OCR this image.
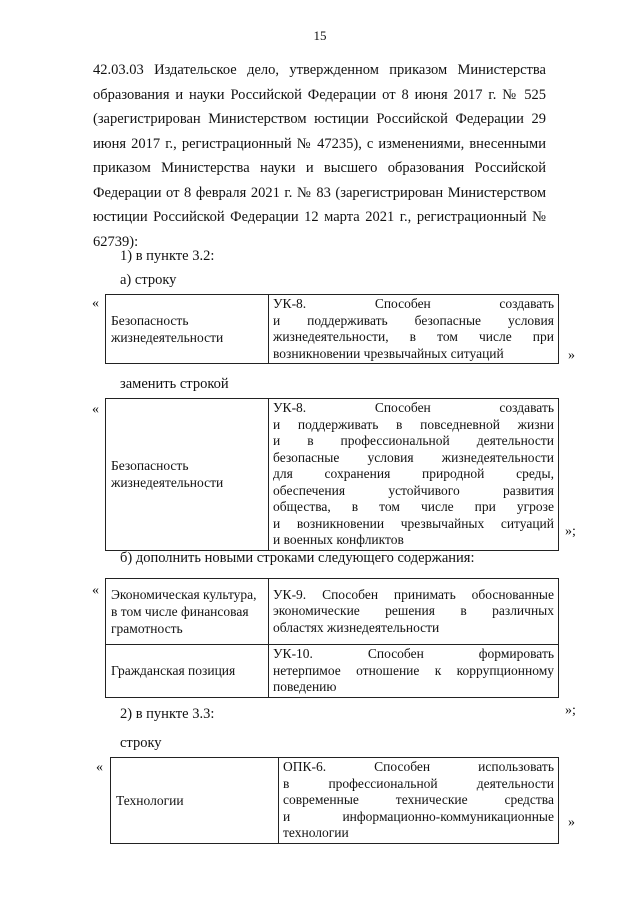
15
42.03.03 Издательское дело, утвержденном приказом Министерства образования и науки Российской Федерации от 8 июня 2017 г. № 525 (зарегистрирован Министерством юстиции Российской Федерации 29 июня 2017 г., регистрационный № 47235), с изменениями, внесенными приказом Министерства науки и высшего образования Российской Федерации от 8 февраля 2021 г. № 83 (зарегистрирован Министерством юстиции Российской Федерации 12 марта 2021 г., регистрационный № 62739):
1) в пункте 3.2:
а) строку
«
Безопасность жизнедеятельности	
УК-8. Способен создавать
и поддерживать безопасные условия
жизнедеятельности, в том числе при
возникновении чрезвычайных ситуаций	»
заменить строкой
«
Безопасность жизнедеятельности	
УК-8. Способен создавать
и поддерживать в повседневной жизни
и в профессиональной деятельности
безопасные условия жизнедеятельности
для сохранения природной среды,
обеспечения устойчивого развития
общества, в том числе при угрозе
и возникновении чрезвычайных ситуаций
и военных конфликтов
»;
б) дополнить новыми строками следующего содержания:
« Экономическая культура, в том числе финансовая грамотность	УК-9. Способен принимать обоснованные
экономические решения в различных
областях жизнедеятельности

Гражданская позиция	УК-10. Способен формировать
нетерпимое отношение к коррупционному
поведению
»;
2) в пункте 3.3:
строку
«
Технологии	
ОПК-6. Способен использовать
в профессиональной деятельности
современные технические средства
и информационно-коммуникационные
технологии
»
